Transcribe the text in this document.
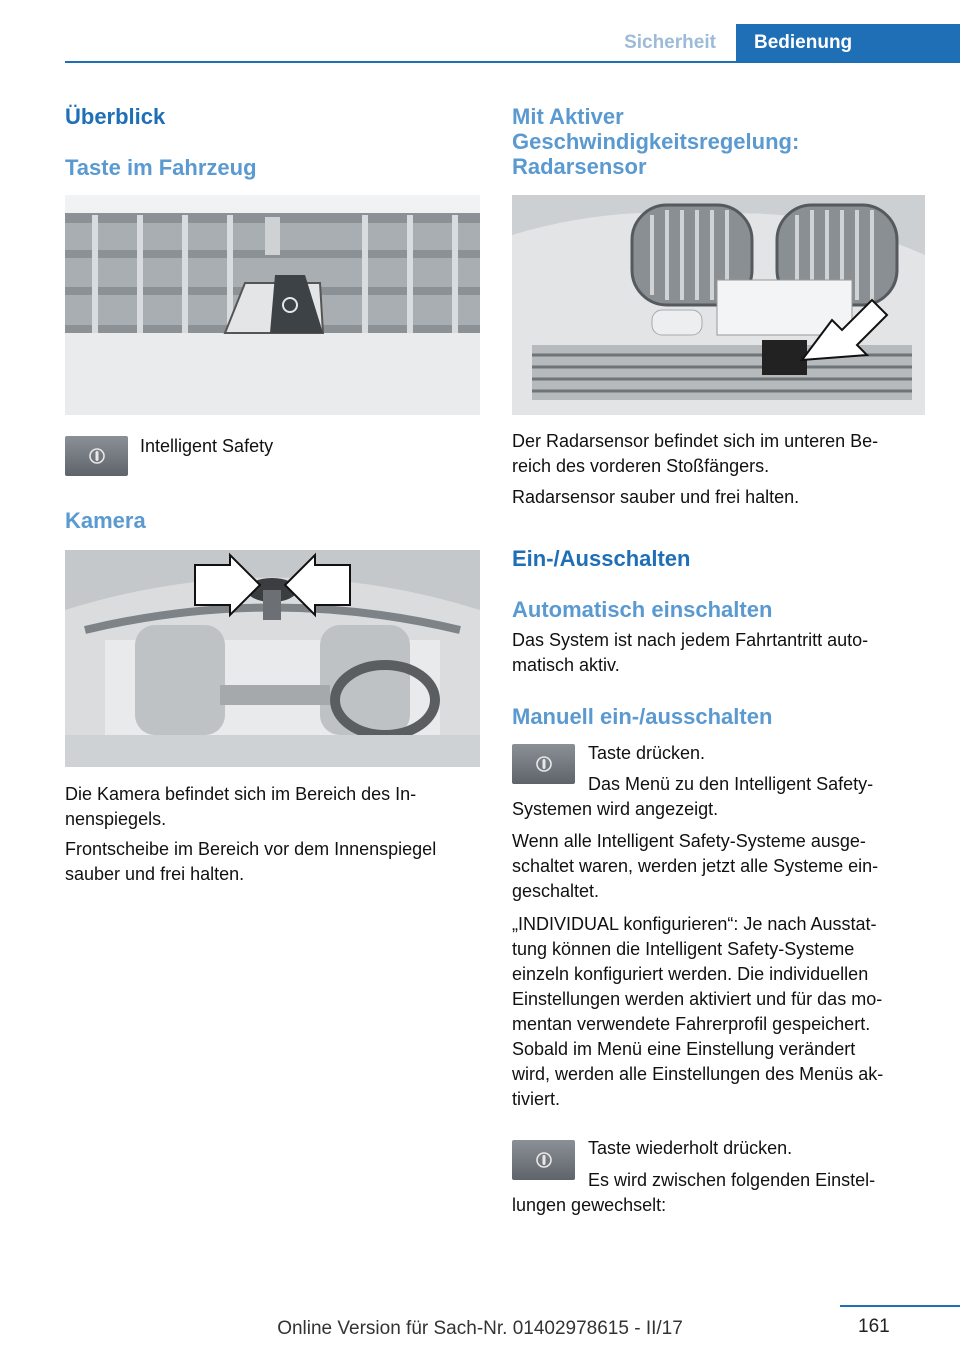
Sicherheit	Bedienung
Überblick
Taste im Fahrzeug
Intelligent Safety
Kamera
Die Kamera befindet sich im Bereich des In-
nenspiegels.
Frontscheibe im Bereich vor dem Innenspiegel
sauber und frei halten.
Mit Aktiver
Geschwindigkeitsregelung:
Radarsensor
Der Radarsensor befindet sich im unteren Be-
reich des vorderen Stoßfängers.
Radarsensor sauber und frei halten.
Ein-/Ausschalten
Automatisch einschalten
Das System ist nach jedem Fahrtantritt auto-
matisch aktiv.
Manuell ein-/ausschalten
Taste drücken.
Das Menü zu den Intelligent Safety-
Systemen wird angezeigt.
Wenn alle Intelligent Safety-Systeme ausge-
schaltet waren, werden jetzt alle Systeme ein-
geschaltet.
„INDIVIDUAL konfigurieren“: Je nach Ausstat-
tung können die Intelligent Safety-Systeme
einzeln konfiguriert werden. Die individuellen
Einstellungen werden aktiviert und für das mo-
mentan verwendete Fahrerprofil gespeichert.
Sobald im Menü eine Einstellung verändert
wird, werden alle Einstellungen des Menüs ak-
tiviert.
Taste wiederholt drücken.
Es wird zwischen folgenden Einstel-
lungen gewechselt:
161
Online Version für Sach-Nr. 01402978615 - II/17
